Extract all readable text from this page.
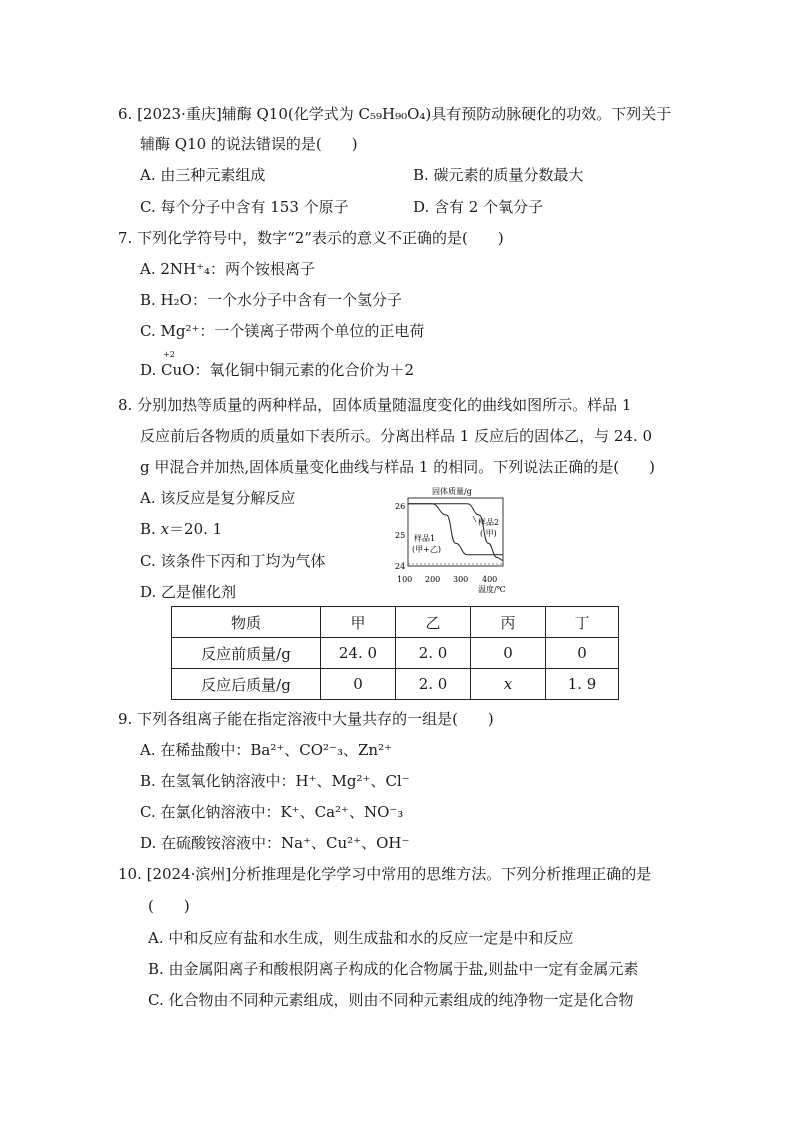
6. [2023·重庆]辅酶 Q10(化学式为 C₅₉H₉₀O₄)具有预防动脉硬化的功效。下列关于
辅酶 Q10 的说法错误的是(　　)
A. 由三种元素组成	B. 碳元素的质量分数最大
C. 每个分子中含有 153 个原子	D. 含有 2 个氧分子
7. 下列化学符号中，数字“2”表示的意义不正确的是(　　)
A. 2NH⁺₄：两个铵根离子
B. H₂O：一个水分子中含有一个氢分子
C. Mg²⁺：一个镁离子带两个单位的正电荷
D.
+2
CuO：氧化铜中铜元素的化合价为＋2
8. 分别加热等质量的两种样品，固体质量随温度变化的曲线如图所示。样品 1
反应前后各物质的质量如下表所示。分离出样品 1 反应后的固体乙，与 24. 0
g 甲混合并加热,固体质量变化曲线与样品 1 的相同。下列说法正确的是(　　)
A. 该反应是复分解反应
B. x＝20. 1
C. 该条件下丙和丁均为气体
D. 乙是催化剂
固体质量/g
26
25
24
100 200 300 400
温度/℃
样品1
(甲+乙)
样品2
( 甲)
物质	甲	乙	丙	丁
反应前质量/g	24. 0	2. 0	0	0
反应后质量/g	0	2. 0	x	1. 9
9. 下列各组离子能在指定溶液中大量共存的一组是(　　)
A. 在稀盐酸中：Ba²⁺、CO²⁻₃、Zn²⁺
B. 在氢氧化钠溶液中：H⁺、Mg²⁺、Cl⁻
C. 在氯化钠溶液中：K⁺、Ca²⁺、NO⁻₃
D. 在硫酸铵溶液中：Na⁺、Cu²⁺、OH⁻
10. [2024·滨州]分析推理是化学学习中常用的思维方法。下列分析推理正确的是
(　　)
A. 中和反应有盐和水生成，则生成盐和水的反应一定是中和反应
B. 由金属阳离子和酸根阴离子构成的化合物属于盐,则盐中一定有金属元素
C. 化合物由不同种元素组成，则由不同种元素组成的纯净物一定是化合物
